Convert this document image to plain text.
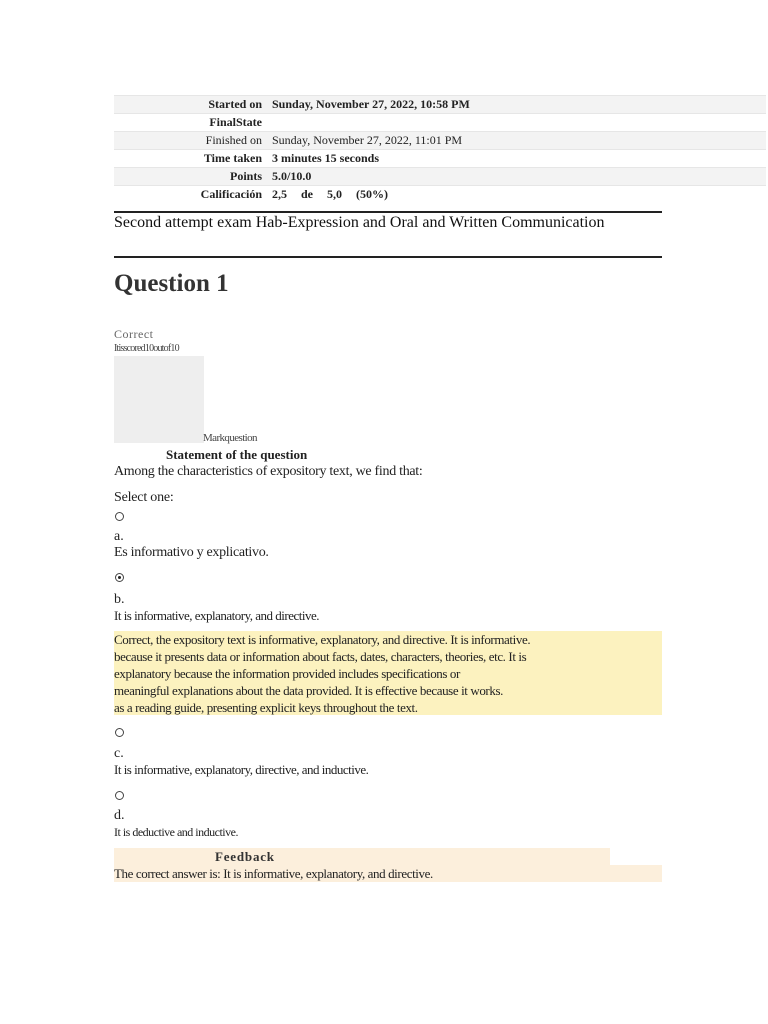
Started on	Sunday, November 27, 2022, 10:58 PM
FinalState	
Finished on	Sunday, November 27, 2022, 11:01 PM
Time taken	3 minutes 15 seconds
Points	5.0/10.0
Calificación	2,5 de 5,0 (50%)
Second attempt exam Hab-Expression and Oral and Written Communication
Question 1
Correct
Itisscored10outof10
Markquestion
Statement of the question
Among the characteristics of expository text, we find that:
Select one:
a.
Es informativo y explicativo.
b.
It is informative, explanatory, and directive.
Correct, the expository text is informative, explanatory, and directive. It is informative.
because it presents data or information about facts, dates, characters, theories, etc. It is
explanatory because the information provided includes specifications or
meaningful explanations about the data provided. It is effective because it works.
as a reading guide, presenting explicit keys throughout the text.
c.
It is informative, explanatory, directive, and inductive.
d.
It is deductive and inductive.
Feedback
The correct answer is: It is informative, explanatory, and directive.
